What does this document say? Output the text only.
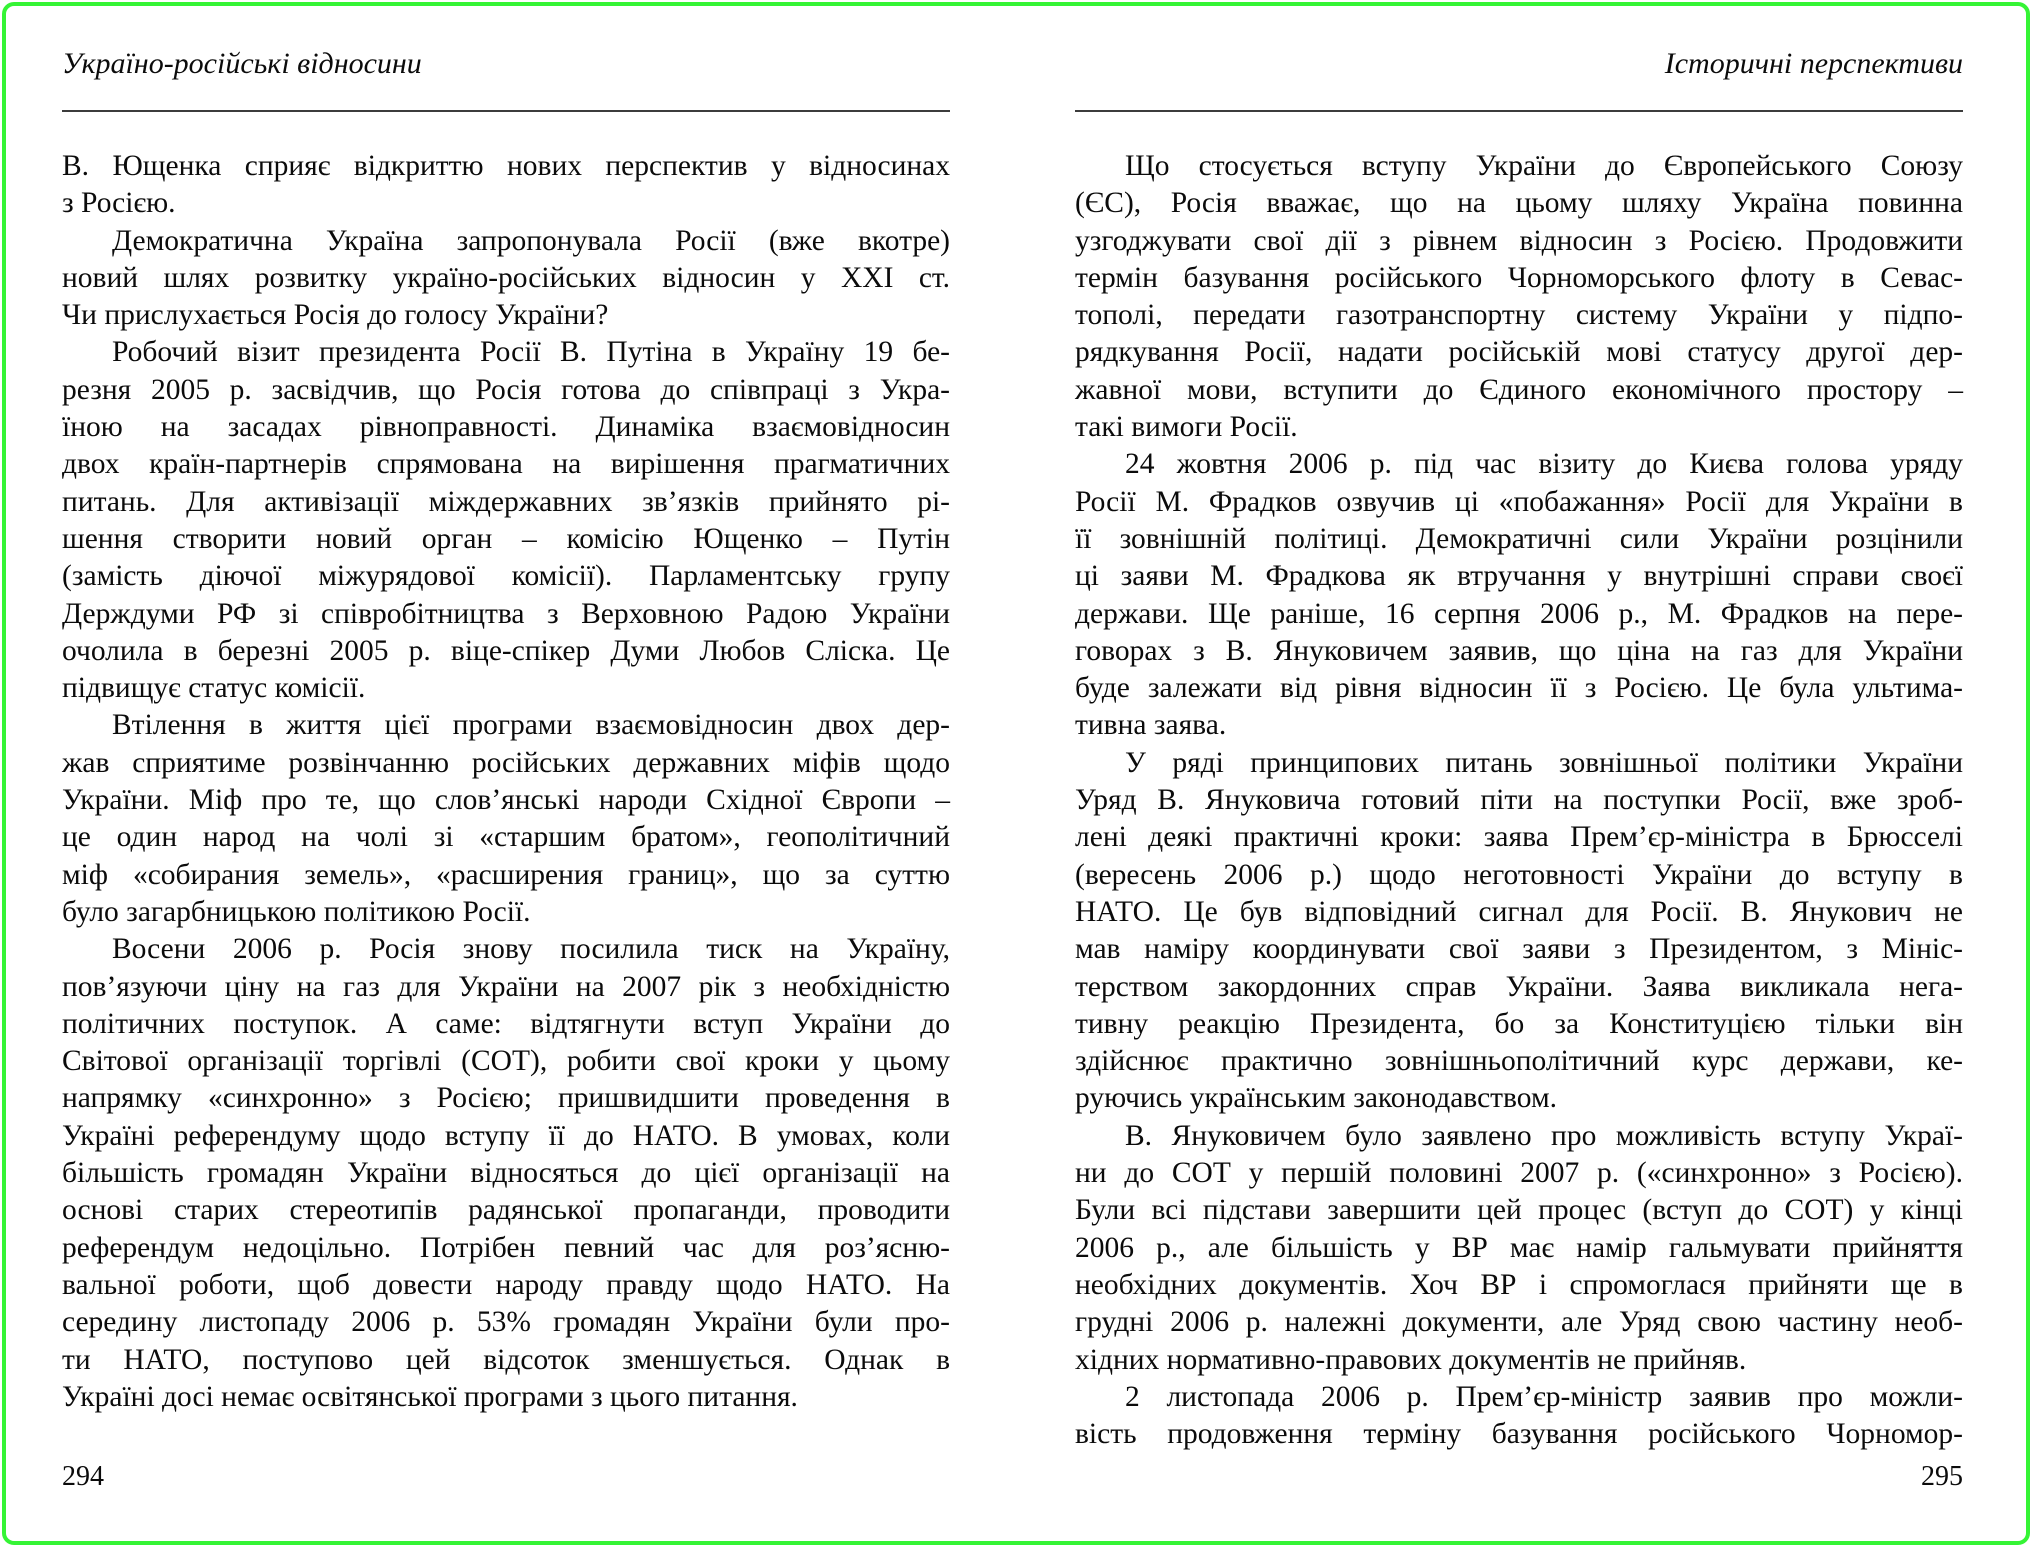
Україно-російські відносини
В. Ющенка сприяє відкриттю нових перспектив у відносинах
з Росією.
Демократична Україна запропонувала Росії (вже вкотре)
новий шлях розвитку україно-російських відносин у XXI ст.
Чи прислухається Росія до голосу України?
Робочий візит президента Росії В. Путіна в Україну 19 бе-
резня 2005 р. засвідчив, що Росія готова до співпраці з Укра-
їною на засадах рівноправності. Динаміка взаємовідносин
двох країн-партнерів спрямована на вирішення прагматичних
питань. Для активізації міждержавних зв’язків прийнято рі-
шення створити новий орган – комісію Ющенко – Путін
(замість діючої міжурядової комісії). Парламентську групу
Держдуми РФ зі співробітництва з Верховною Радою України
очолила в березні 2005 р. віце-спікер Думи Любов Сліска. Це
підвищує статус комісії.
Втілення в життя цієї програми взаємовідносин двох дер-
жав сприятиме розвінчанню російських державних міфів щодо
України. Міф про те, що слов’янські народи Східної Європи –
це один народ на чолі зі «старшим братом», геополітичний
міф «собирания земель», «расширения границ», що за суттю
було загарбницькою політикою Росії.
Восени 2006 р. Росія знову посилила тиск на Україну,
пов’язуючи ціну на газ для України на 2007 рік з необхідністю
політичних поступок. А саме: відтягнути вступ України до
Світової організації торгівлі (СОТ), робити свої кроки у цьому
напрямку «синхронно» з Росією; пришвидшити проведення в
Україні референдуму щодо вступу її до НАТО. В умовах, коли
більшість громадян України відносяться до цієї організації на
основі старих стереотипів радянської пропаганди, проводити
референдум недоцільно. Потрібен певний час для роз’ясню-
вальної роботи, щоб довести народу правду щодо НАТО. На
середину листопаду 2006 р. 53% громадян України були про-
ти НАТО, поступово цей відсоток зменшується. Однак в
Україні досі немає освітянської програми з цього питання.
294
Історичні перспективи
Що стосується вступу України до Європейського Союзу
(ЄС), Росія вважає, що на цьому шляху Україна повинна
узгоджувати свої дії з рівнем відносин з Росією. Продовжити
термін базування російського Чорноморського флоту в Севас-
тополі, передати газотранспортну систему України у підпо-
рядкування Росії, надати російській мові статусу другої дер-
жавної мови, вступити до Єдиного економічного простору –
такі вимоги Росії.
24 жовтня 2006 р. під час візиту до Києва голова уряду
Росії М. Фрадков озвучив ці «побажання» Росії для України в
її зовнішній політиці. Демократичні сили України розцінили
ці заяви М. Фрадкова як втручання у внутрішні справи своєї
держави. Ще раніше, 16 серпня 2006 р., М. Фрадков на пере-
говорах з В. Януковичем заявив, що ціна на газ для України
буде залежати від рівня відносин її з Росією. Це була ультима-
тивна заява.
У ряді принципових питань зовнішньої політики України
Уряд В. Януковича готовий піти на поступки Росії, вже зроб-
лені деякі практичні кроки: заява Прем’єр-міністра в Брюсселі
(вересень 2006 р.) щодо неготовності України до вступу в
НАТО. Це був відповідний сигнал для Росії. В. Янукович не
мав наміру координувати свої заяви з Президентом, з Мініс-
терством закордонних справ України. Заява викликала нега-
тивну реакцію Президента, бо за Конституцією тільки він
здійснює практично зовнішньополітичний курс держави, ке-
руючись українським законодавством.
В. Януковичем було заявлено про можливість вступу Украї-
ни до СОТ у першій половині 2007 р. («синхронно» з Росією).
Були всі підстави завершити цей процес (вступ до СОТ) у кінці
2006 р., але більшість у ВР має намір гальмувати прийняття
необхідних документів. Хоч ВР і спромоглася прийняти ще в
грудні 2006 р. належні документи, але Уряд свою частину необ-
хідних нормативно-правових документів не прийняв.
2 листопада 2006 р. Прем’єр-міністр заявив про можли-
вість продовження терміну базування російського Чорномор-
295
